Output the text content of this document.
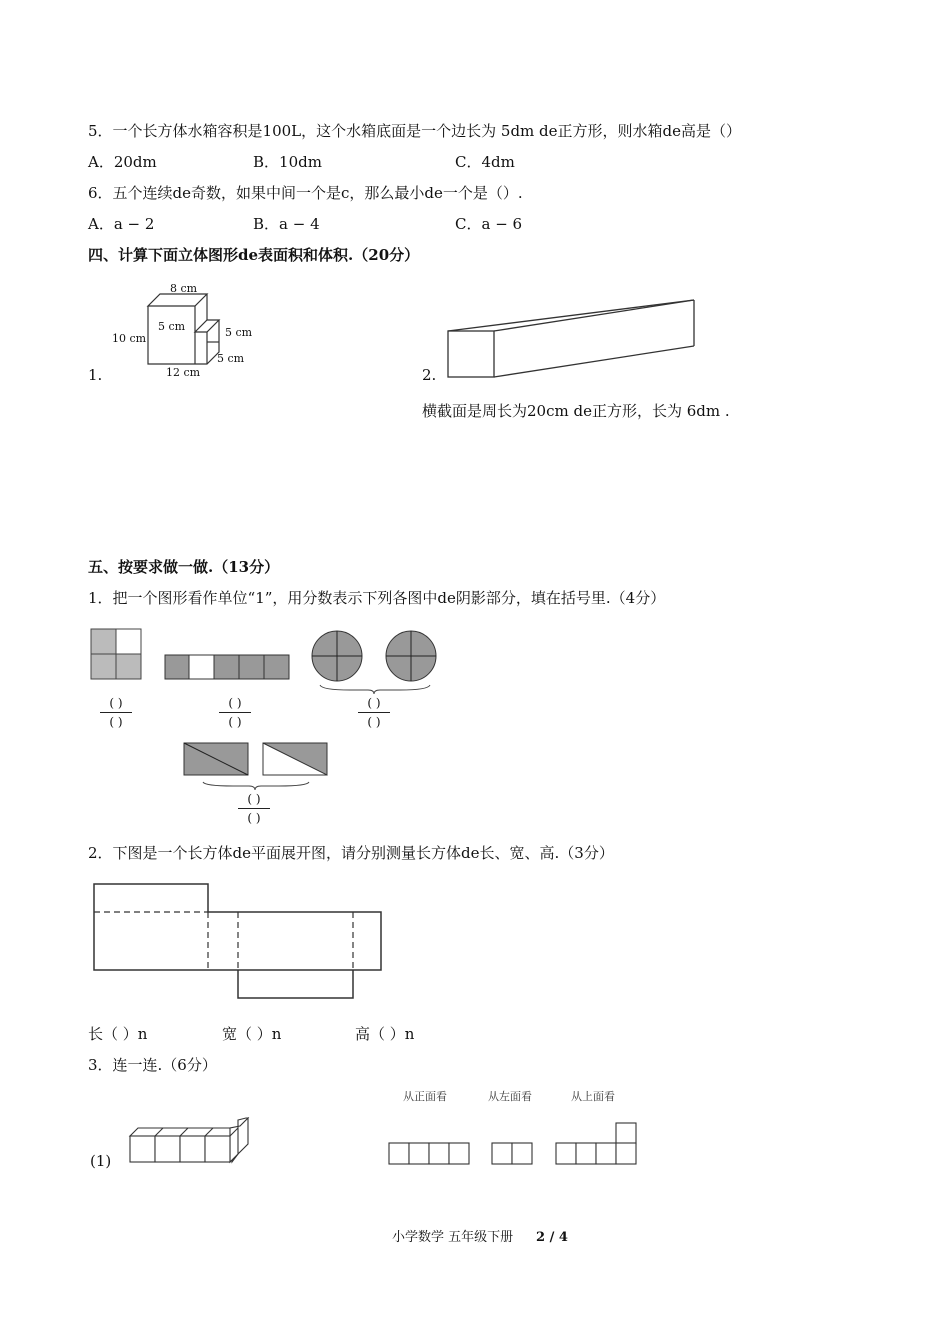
5．一个长方体水箱容积是100L，这个水箱底面是一个边长为 5dm de正方形，则水箱de高是（）
A．20dm	B．10dm	C．4dm
6．五个连续de奇数，如果中间一个是c，那么最小de一个是（）.
A．a − 2	B．a − 4	C．a − 6
四、计算下面立体图形de表面积和体积.（20分）
1.
8 cm
5 cm
10 cm	5 cm
5 cm
12 cm	2.
横截面是周长为20cm de正方形，长为 6dm .
五、按要求做一做.（13分）
1．把一个图形看作单位“1”，用分数表示下列各图中de阴影部分，填在括号里.（4分）
( )
( )
( )
( )
( )
( )
( )
( )
2．下图是一个长方体de平面展开图，请分别测量长方体de长、宽、高.（3分）
长（ ）n	宽（ ）n	高（ ）n
3．连一连.（6分）
从正面看	从左面看	从上面看
(1)
小学数学 五年级下册 2 / 4
